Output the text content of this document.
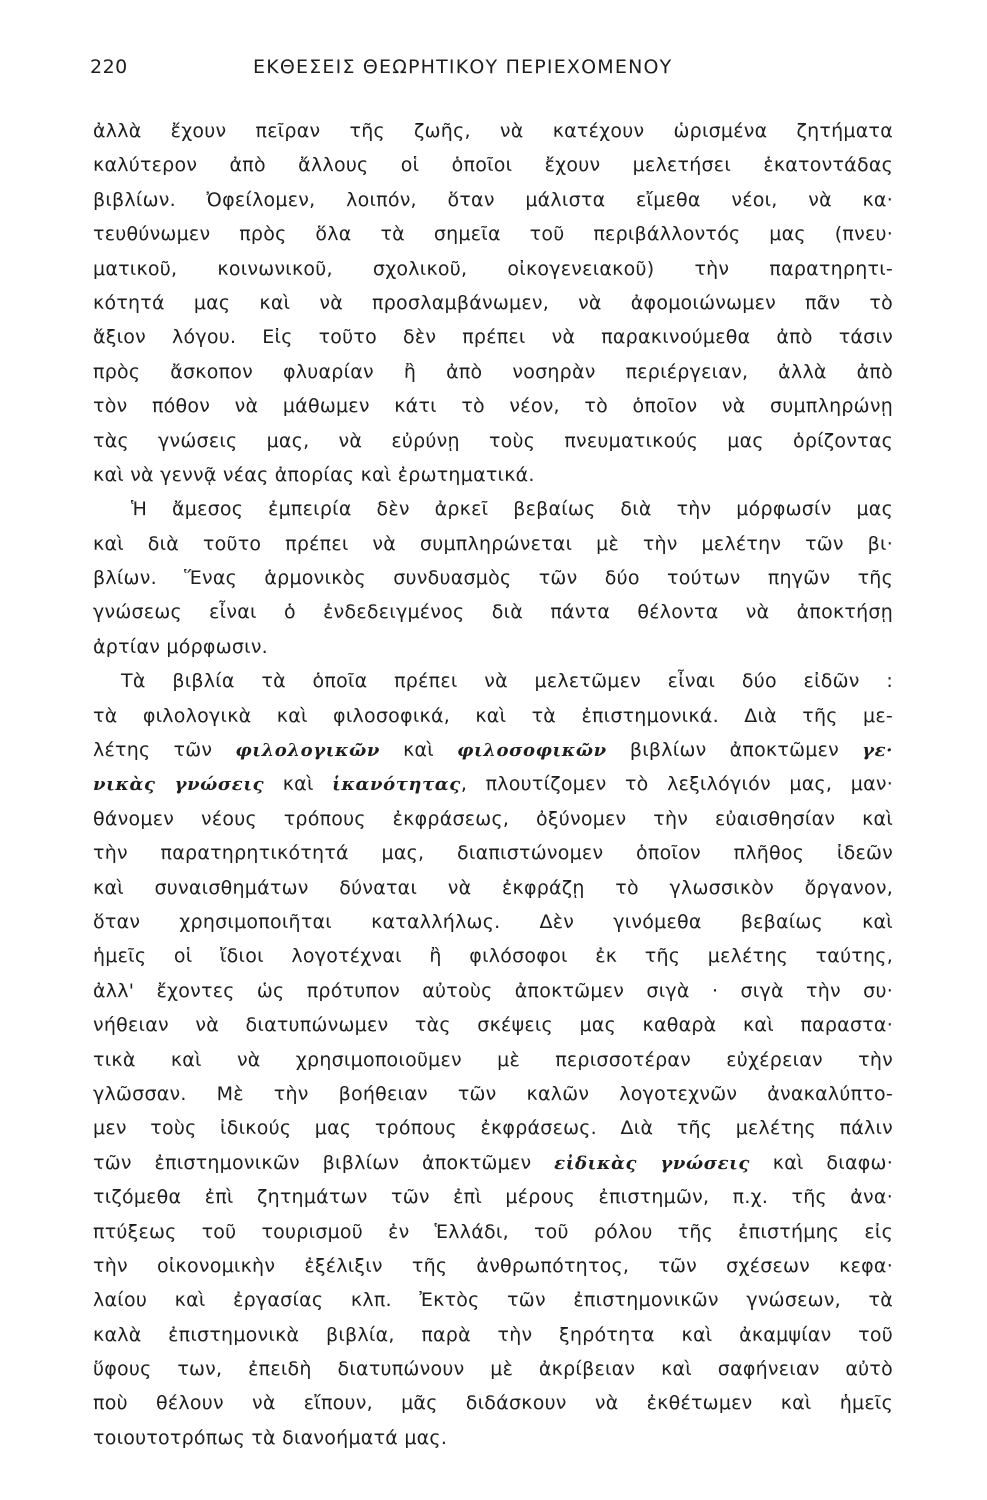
220	ΕΚΘΕΣΕΙΣ ΘΕΩΡΗΤΙΚΟΥ ΠΕΡΙΕΧΟΜΕΝΟΥ
ἀλλὰ ἔχουν πεῖραν τῆς ζωῆς, νὰ κατέχουν ὡρισμένα ζητήματα
καλύτερον ἀπὸ ἄλλους οἱ ὁποῖοι ἔχουν μελετήσει ἑκατοντάδας
βιβλίων. Ὀφείλομεν, λοιπόν, ὅταν μάλιστα εἴμεθα νέοι, νὰ κα·
τευθύνωμεν πρὸς ὅλα τὰ σημεῖα τοῦ περιβάλλοντός μας (πνευ·
ματικοῦ, κοινωνικοῦ, σχολικοῦ, οἰκογενειακοῦ) τὴν παρατηρητι-
κότητά μας καὶ νὰ προσλαμβάνωμεν, νὰ ἀφομοιώνωμεν πᾶν τὸ
ἄξιον λόγου. Εἰς τοῦτο δὲν πρέπει νὰ παρακινούμεθα ἀπὸ τάσιν
πρὸς ἄσκοπον φλυαρίαν ἢ ἀπὸ νοσηρὰν περιέργειαν, ἀλλὰ ἀπὸ
τὸν πόθον νὰ μάθωμεν κάτι τὸ νέον, τὸ ὁποῖον νὰ συμπληρώνῃ
τὰς γνώσεις μας, νὰ εὐρύνῃ τοὺς πνευματικούς μας ὁρίζοντας
καὶ νὰ γεννᾷ νέας ἀπορίας καὶ ἐρωτηματικά.
Ἡ ἄμεσος ἐμπειρία δὲν ἀρκεῖ βεβαίως διὰ τὴν μόρφωσίν μας
καὶ διὰ τοῦτο πρέπει νὰ συμπληρώνεται μὲ τὴν μελέτην τῶν βι·
βλίων. Ἕνας ἁρμονικὸς συνδυασμὸς τῶν δύο τούτων πηγῶν τῆς
γνώσεως εἶναι ὁ ἐνδεδειγμένος διὰ πάντα θέλοντα νὰ ἀποκτήσῃ
ἀρτίαν μόρφωσιν.
Τὰ βιβλία τὰ ὁποῖα πρέπει νὰ μελετῶμεν εἶναι δύο εἰδῶν :
τὰ φιλολογικὰ καὶ φιλοσοφικά, καὶ τὰ ἐπιστημονικά. Διὰ τῆς με-
λέτης τῶν φιλολογικῶν καὶ φιλοσοφικῶν βιβλίων ἀποκτῶμεν γε·
νικὰς γνώσεις καὶ ἱκανότητας, πλουτίζομεν τὸ λεξιλόγιόν μας, μαν·
θάνομεν νέους τρόπους ἐκφράσεως, ὀξύνομεν τὴν εὐαισθησίαν καὶ
τὴν παρατηρητικότητά μας, διαπιστώνομεν ὁποῖον πλῆθος ἰδεῶν
καὶ συναισθημάτων δύναται νὰ ἐκφράζῃ τὸ γλωσσικὸν ὄργανον,
ὅταν χρησιμοποιῆται καταλλήλως. Δὲν γινόμεθα βεβαίως καὶ
ἡμεῖς οἱ ἴδιοι λογοτέχναι ἢ φιλόσοφοι ἐκ τῆς μελέτης ταύτης,
ἀλλ' ἔχοντες ὡς πρότυπον αὐτοὺς ἀποκτῶμεν σιγὰ · σιγὰ τὴν συ·
νήθειαν νὰ διατυπώνωμεν τὰς σκέψεις μας καθαρὰ καὶ παραστα·
τικὰ καὶ νὰ χρησιμοποιοῦμεν μὲ περισσοτέραν εὐχέρειαν τὴν
γλῶσσαν. Μὲ τὴν βοήθειαν τῶν καλῶν λογοτεχνῶν ἀνακαλύπτο-
μεν τοὺς ἰδικούς μας τρόπους ἐκφράσεως. Διὰ τῆς μελέτης πάλιν
τῶν ἐπιστημονικῶν βιβλίων ἀποκτῶμεν εἰδικὰς γνώσεις καὶ διαφω·
τιζόμεθα ἐπὶ ζητημάτων τῶν ἐπὶ μέρους ἐπιστημῶν, π.χ. τῆς ἀνα·
πτύξεως τοῦ τουρισμοῦ ἐν Ἑλλάδι, τοῦ ρόλου τῆς ἐπιστήμης εἰς
τὴν οἰκονομικὴν ἐξέλιξιν τῆς ἀνθρωπότητος, τῶν σχέσεων κεφα·
λαίου καὶ ἐργασίας κλπ. Ἐκτὸς τῶν ἐπιστημονικῶν γνώσεων, τὰ
καλὰ ἐπιστημονικὰ βιβλία, παρὰ τὴν ξηρότητα καὶ ἀκαμψίαν τοῦ
ὕφους των, ἐπειδὴ διατυπώνουν μὲ ἀκρίβειαν καὶ σαφήνειαν αὐτὸ
ποὺ θέλουν νὰ εἴπουν, μᾶς διδάσκουν νὰ ἐκθέτωμεν καὶ ἡμεῖς
τοιουτοτρόπως τὰ διανοήματά μας.
